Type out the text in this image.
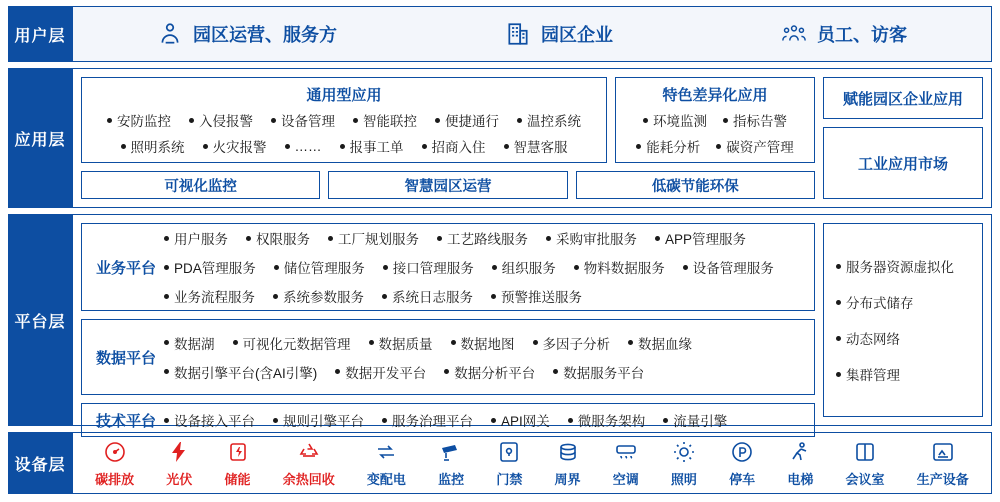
用户层	园区运营、服务方	园区企业	员工、访客
应用层
通用型应用
安防监控	入侵报警	设备管理	智能联控	便捷通行	温控系统
照明系统	火灾报警	……	报事工单	招商入住	智慧客服
特色差异化应用
环境监测	指标告警
能耗分析	碳资产管理
可视化监控	智慧园区运营	低碳节能环保
赋能园区企业应用
工业应用市场
平台层
业务平台
用户服务	权限服务	工厂规划服务	工艺路线服务	采购审批服务	APP管理服务
PDA管理服务	储位管理服务	接口管理服务	组织服务	物料数据服务	设备管理服务
业务流程服务	系统参数服务	系统日志服务	预警推送服务
数据平台
数据湖	可视化元数据管理	数据质量	数据地图	多因子分析	数据血缘
数据引擎平台(含AI引擎)	数据开发平台	数据分析平台	数据服务平台
技术平台	设备接入平台	规则引擎平台	服务治理平台	API网关	微服务架构	流量引擎
服务器资源虚拟化
分布式储存
动态网络
集群管理
设备层
碳排放 光伏 储能 余热回收 变配电 监控 门禁 周界 空调 照明 停车 电梯 会议室 生产设备
